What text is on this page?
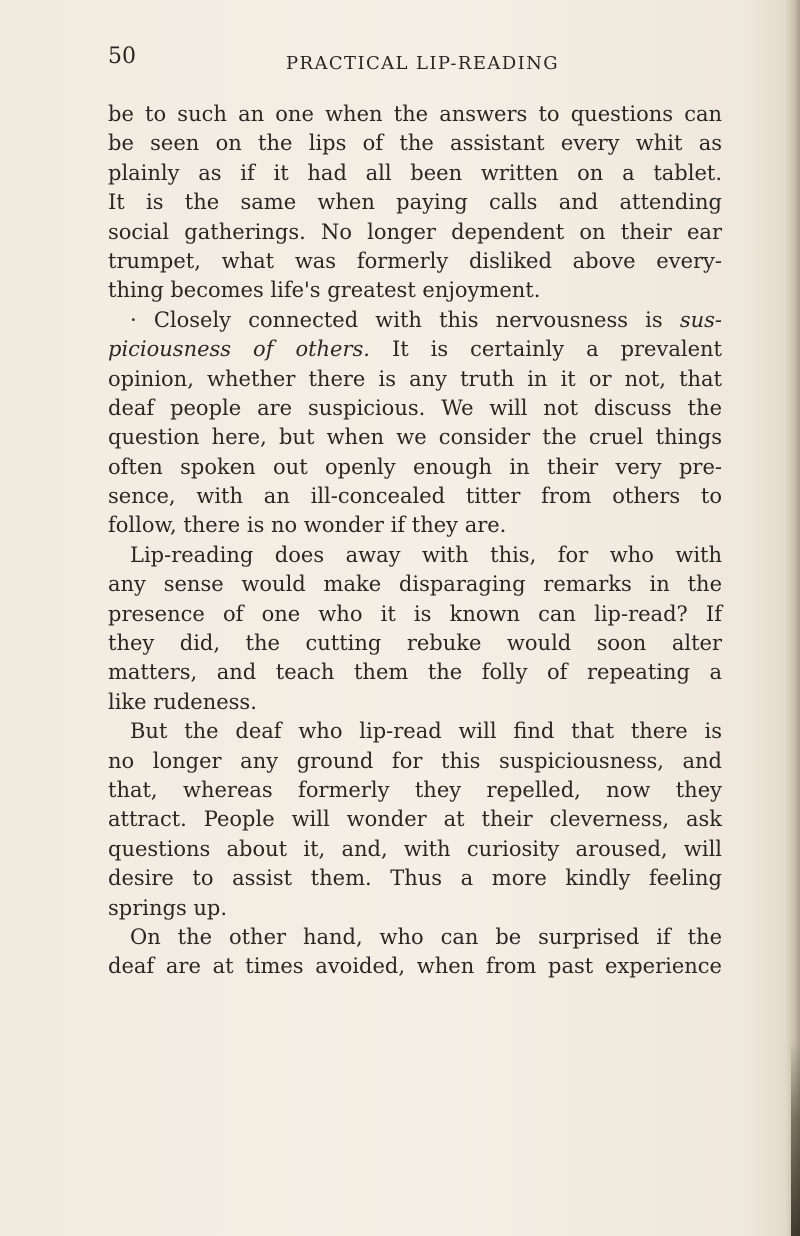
50	PRACTICAL LIP-READING
be to such an one when the answers to questions can
be seen on the lips of the assistant every whit as
plainly as if it had all been written on a tablet.
It is the same when paying calls and attending
social gatherings. No longer dependent on their ear
trumpet, what was formerly disliked above every-
thing becomes life's greatest enjoyment.
· Closely connected with this nervousness is sus-
piciousness of others. It is certainly a prevalent
opinion, whether there is any truth in it or not, that
deaf people are suspicious. We will not discuss the
question here, but when we consider the cruel things
often spoken out openly enough in their very pre-
sence, with an ill-concealed titter from others to
follow, there is no wonder if they are.
Lip-reading does away with this, for who with
any sense would make disparaging remarks in the
presence of one who it is known can lip-read? If
they did, the cutting rebuke would soon alter
matters, and teach them the folly of repeating a
like rudeness.
But the deaf who lip-read will find that there is
no longer any ground for this suspiciousness, and
that, whereas formerly they repelled, now they
attract. People will wonder at their cleverness, ask
questions about it, and, with curiosity aroused, will
desire to assist them. Thus a more kindly feeling
springs up.
On the other hand, who can be surprised if the
deaf are at times avoided, when from past experience
